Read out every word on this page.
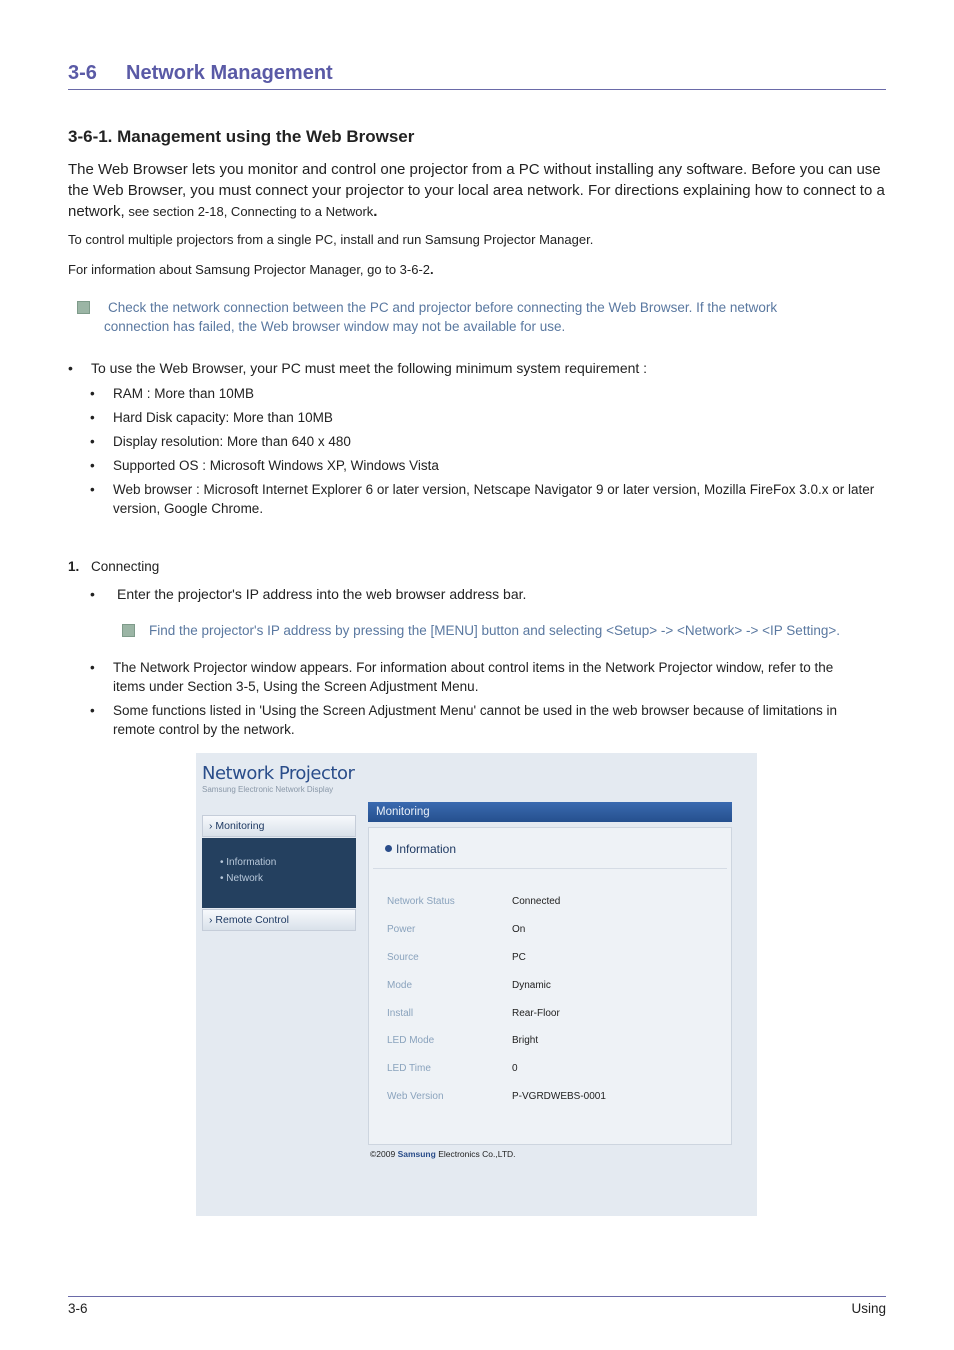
3-6 Network Management
3-6-1. Management using the Web Browser
The Web Browser lets you monitor and control one projector from a PC without installing any software. Before you can use the Web Browser, you must connect your projector to your local area network. For directions explaining how to connect to a network, see section 2-18, Connecting to a Network.
To control multiple projectors from a single PC, install and run Samsung Projector Manager.
For information about Samsung Projector Manager, go to 3-6-2.
Check the network connection between the PC and projector before connecting the Web Browser. If the network
connection has failed, the Web browser window may not be available for use.
• To use the Web Browser, your PC must meet the following minimum system requirement :
• RAM : More than 10MB
• Hard Disk capacity: More than 10MB
• Display resolution: More than 640 x 480
• Supported OS : Microsoft Windows XP, Windows Vista
• Web browser : Microsoft Internet Explorer 6 or later version, Netscape Navigator 9 or later version, Mozilla FireFox 3.0.x or later
version, Google Chrome.
1. Connecting
• Enter the projector's IP address into the web browser address bar.
Find the projector's IP address by pressing the [MENU] button and selecting <Setup> -> <Network> -> <IP Setting>.
• The Network Projector window appears. For information about control items in the Network Projector window, refer to the
items under Section 3-5, Using the Screen Adjustment Menu.
• Some functions listed in 'Using the Screen Adjustment Menu' cannot be used in the web browser because of limitations in
remote control by the network.
Network Projector
Samsung Electronic Network Display
› Monitoring
• Information
• Network
› Remote Control
Monitoring
Information
Network Status	Connected
Power	On
Source	PC
Mode	Dynamic
Install	Rear-Floor
LED Mode	Bright
LED Time	0
Web Version	P-VGRDWEBS-0001
©2009 Samsung Electronics Co.,LTD.
3-6	Using
